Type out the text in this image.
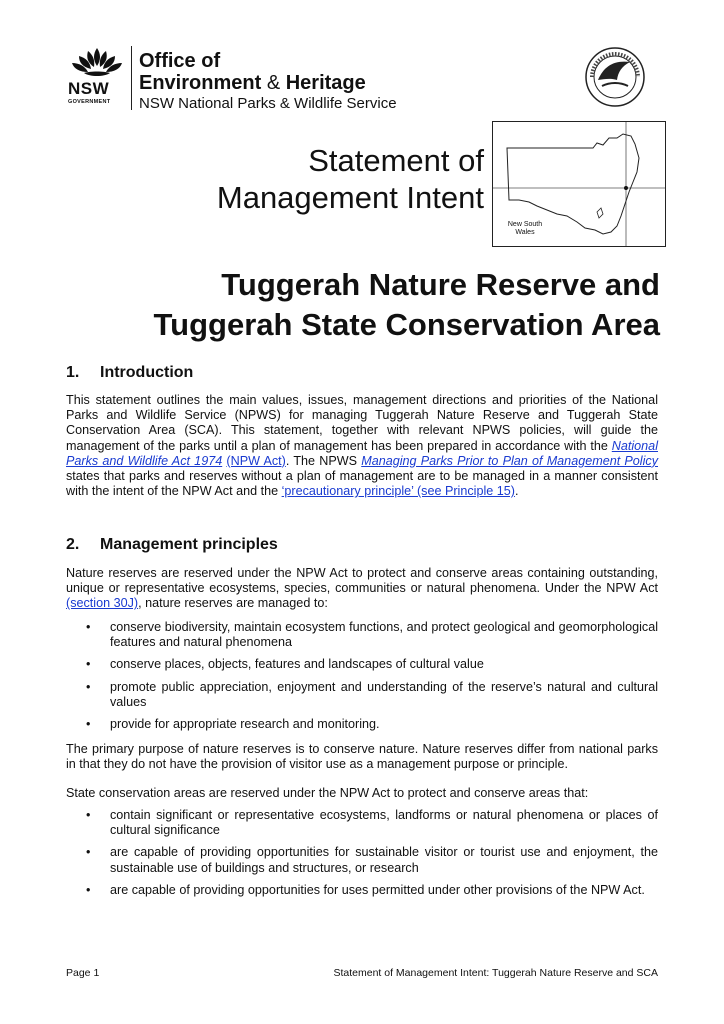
NSW
GOVERNMENT
Office of
Environment & Heritage
NSW National Parks & Wildlife Service
Statement of
Management Intent
New South
Wales
Tuggerah Nature Reserve and
Tuggerah State Conservation Area
1. Introduction
This statement outlines the main values, issues, management directions and priorities of the National Parks and Wildlife Service (NPWS) for managing Tuggerah Nature Reserve and Tuggerah State Conservation Area (SCA). This statement, together with relevant NPWS policies, will guide the management of the parks until a plan of management has been prepared in accordance with the National Parks and Wildlife Act 1974 (NPW Act). The NPWS Managing Parks Prior to Plan of Management Policy states that parks and reserves without a plan of management are to be managed in a manner consistent with the intent of the NPW Act and the ‘precautionary principle’ (see Principle 15).
2. Management principles
Nature reserves are reserved under the NPW Act to protect and conserve areas containing outstanding, unique or representative ecosystems, species, communities or natural phenomena. Under the NPW Act (section 30J), nature reserves are managed to:
• conserve biodiversity, maintain ecosystem functions, and protect geological and geomorphological features and natural phenomena
• conserve places, objects, features and landscapes of cultural value
• promote public appreciation, enjoyment and understanding of the reserve’s natural and cultural values
• provide for appropriate research and monitoring.
The primary purpose of nature reserves is to conserve nature. Nature reserves differ from national parks in that they do not have the provision of visitor use as a management purpose or principle.
State conservation areas are reserved under the NPW Act to protect and conserve areas that:
• contain significant or representative ecosystems, landforms or natural phenomena or places of cultural significance
• are capable of providing opportunities for sustainable visitor or tourist use and enjoyment, the sustainable use of buildings and structures, or research
• are capable of providing opportunities for uses permitted under other provisions of the NPW Act.
Page 1	Statement of Management Intent: Tuggerah Nature Reserve and SCA
